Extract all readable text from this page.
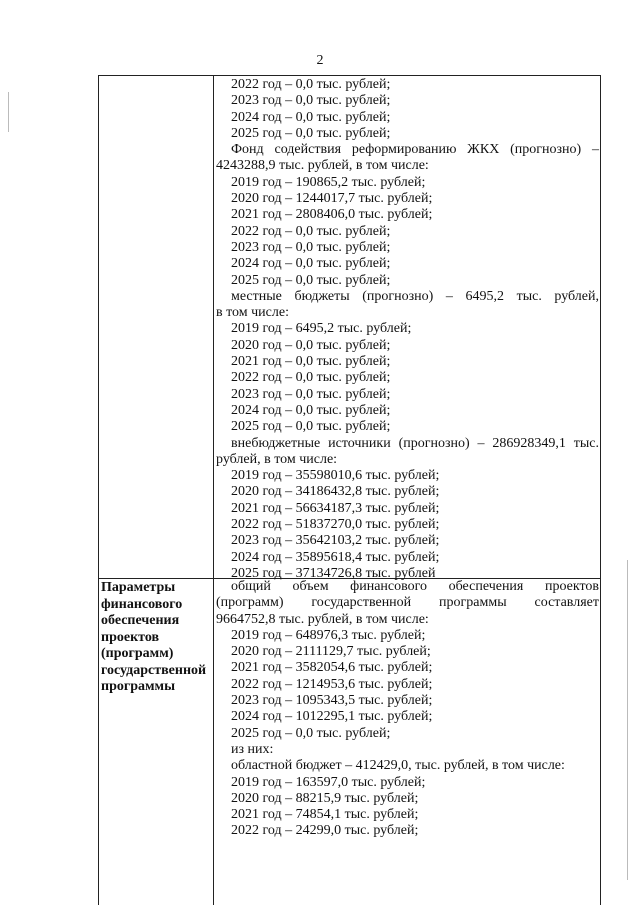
2
2022 год – 0,0 тыс. рублей;
2023 год – 0,0 тыс. рублей;
2024 год – 0,0 тыс. рублей;
2025 год – 0,0 тыс. рублей;
Фонд содействия реформированию ЖКХ (прогнозно) –
4243288,9 тыс. рублей, в том числе:
2019 год – 190865,2 тыс. рублей;
2020 год – 1244017,7 тыс. рублей;
2021 год – 2808406,0 тыс. рублей;
2022 год – 0,0 тыс. рублей;
2023 год – 0,0 тыс. рублей;
2024 год – 0,0 тыс. рублей;
2025 год – 0,0 тыс. рублей;
местные бюджеты (прогнозно) – 6495,2 тыс. рублей,
в том числе:
2019 год – 6495,2 тыс. рублей;
2020 год – 0,0 тыс. рублей;
2021 год – 0,0 тыс. рублей;
2022 год – 0,0 тыс. рублей;
2023 год – 0,0 тыс. рублей;
2024 год – 0,0 тыс. рублей;
2025 год – 0,0 тыс. рублей;
внебюджетные источники (прогнозно) – 286928349,1 тыс.
рублей, в том числе:
2019 год – 35598010,6 тыс. рублей;
2020 год – 34186432,8 тыс. рублей;
2021 год – 56634187,3 тыс. рублей;
2022 год – 51837270,0 тыс. рублей;
2023 год – 35642103,2 тыс. рублей;
2024 год – 35895618,4 тыс. рублей;
2025 год – 37134726,8 тыс. рублей
Параметры
финансового
обеспечения
проектов
(программ)
государственной
программы
общий объем финансового обеспечения проектов
(программ) государственной программы составляет
9664752,8 тыс. рублей, в том числе:
2019 год – 648976,3 тыс. рублей;
2020 год – 2111129,7 тыс. рублей;
2021 год – 3582054,6 тыс. рублей;
2022 год – 1214953,6 тыс. рублей;
2023 год – 1095343,5 тыс. рублей;
2024 год – 1012295,1 тыс. рублей;
2025 год – 0,0 тыс. рублей;
из них:
областной бюджет – 412429,0, тыс. рублей, в том числе:
2019 год – 163597,0 тыс. рублей;
2020 год – 88215,9 тыс. рублей;
2021 год – 74854,1 тыс. рублей;
2022 год – 24299,0 тыс. рублей;
